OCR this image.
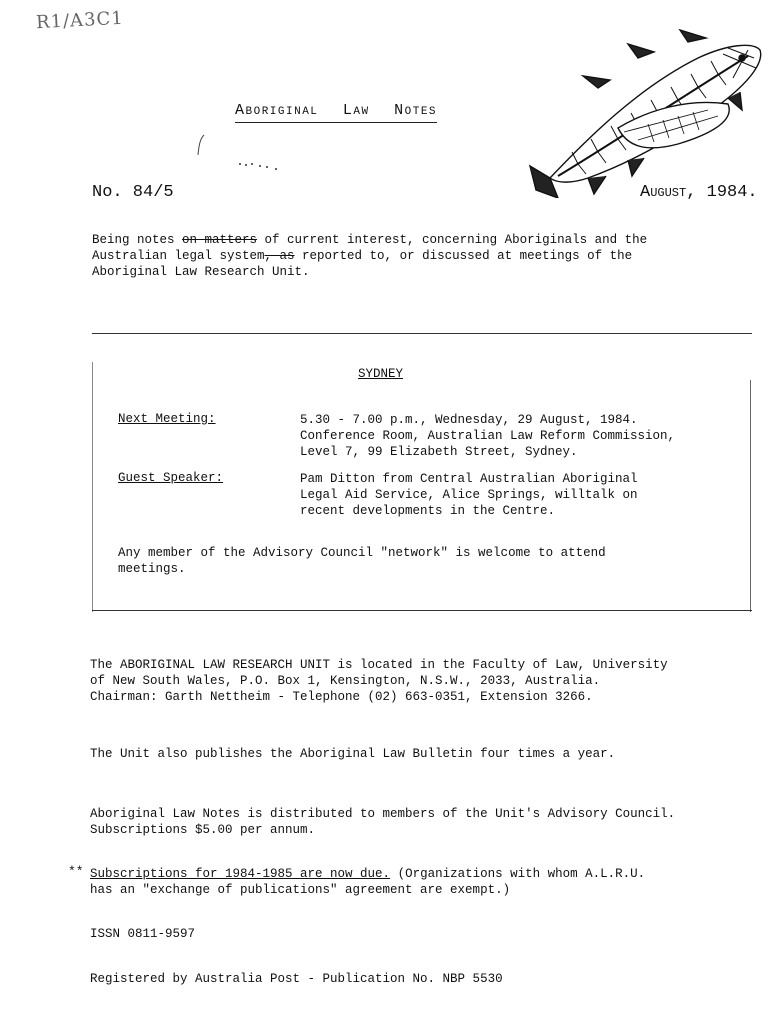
R1/A3C1
Aboriginal Law Notes
No. 84/5	August, 1984.
Being notes on matters of current interest, concerning Aboriginals and the
Australian legal system, as reported to, or discussed at meetings of the
Aboriginal Law Research Unit.
SYDNEY
Next Meeting:	5.30 - 7.00 p.m., Wednesday, 29 August, 1984.
Conference Room, Australian Law Reform Commission,
Level 7, 99 Elizabeth Street, Sydney.
Guest Speaker:	Pam Ditton from Central Australian Aboriginal
Legal Aid Service, Alice Springs, willtalk on
recent developments in the Centre.
Any member of the Advisory Council "network" is welcome to attend
meetings.
The ABORIGINAL LAW RESEARCH UNIT is located in the Faculty of Law, University
of New South Wales, P.O. Box 1, Kensington, N.S.W., 2033, Australia.
Chairman: Garth Nettheim - Telephone (02) 663-0351, Extension 3266.
The Unit also publishes the Aboriginal Law Bulletin four times a year.
Aboriginal Law Notes is distributed to members of the Unit's Advisory Council.
Subscriptions $5.00 per annum.
** Subscriptions for 1984-1985 are now due. (Organizations with whom A.L.R.U.
has an "exchange of publications" agreement are exempt.)
ISSN 0811-9597
Registered by Australia Post - Publication No. NBP 5530
